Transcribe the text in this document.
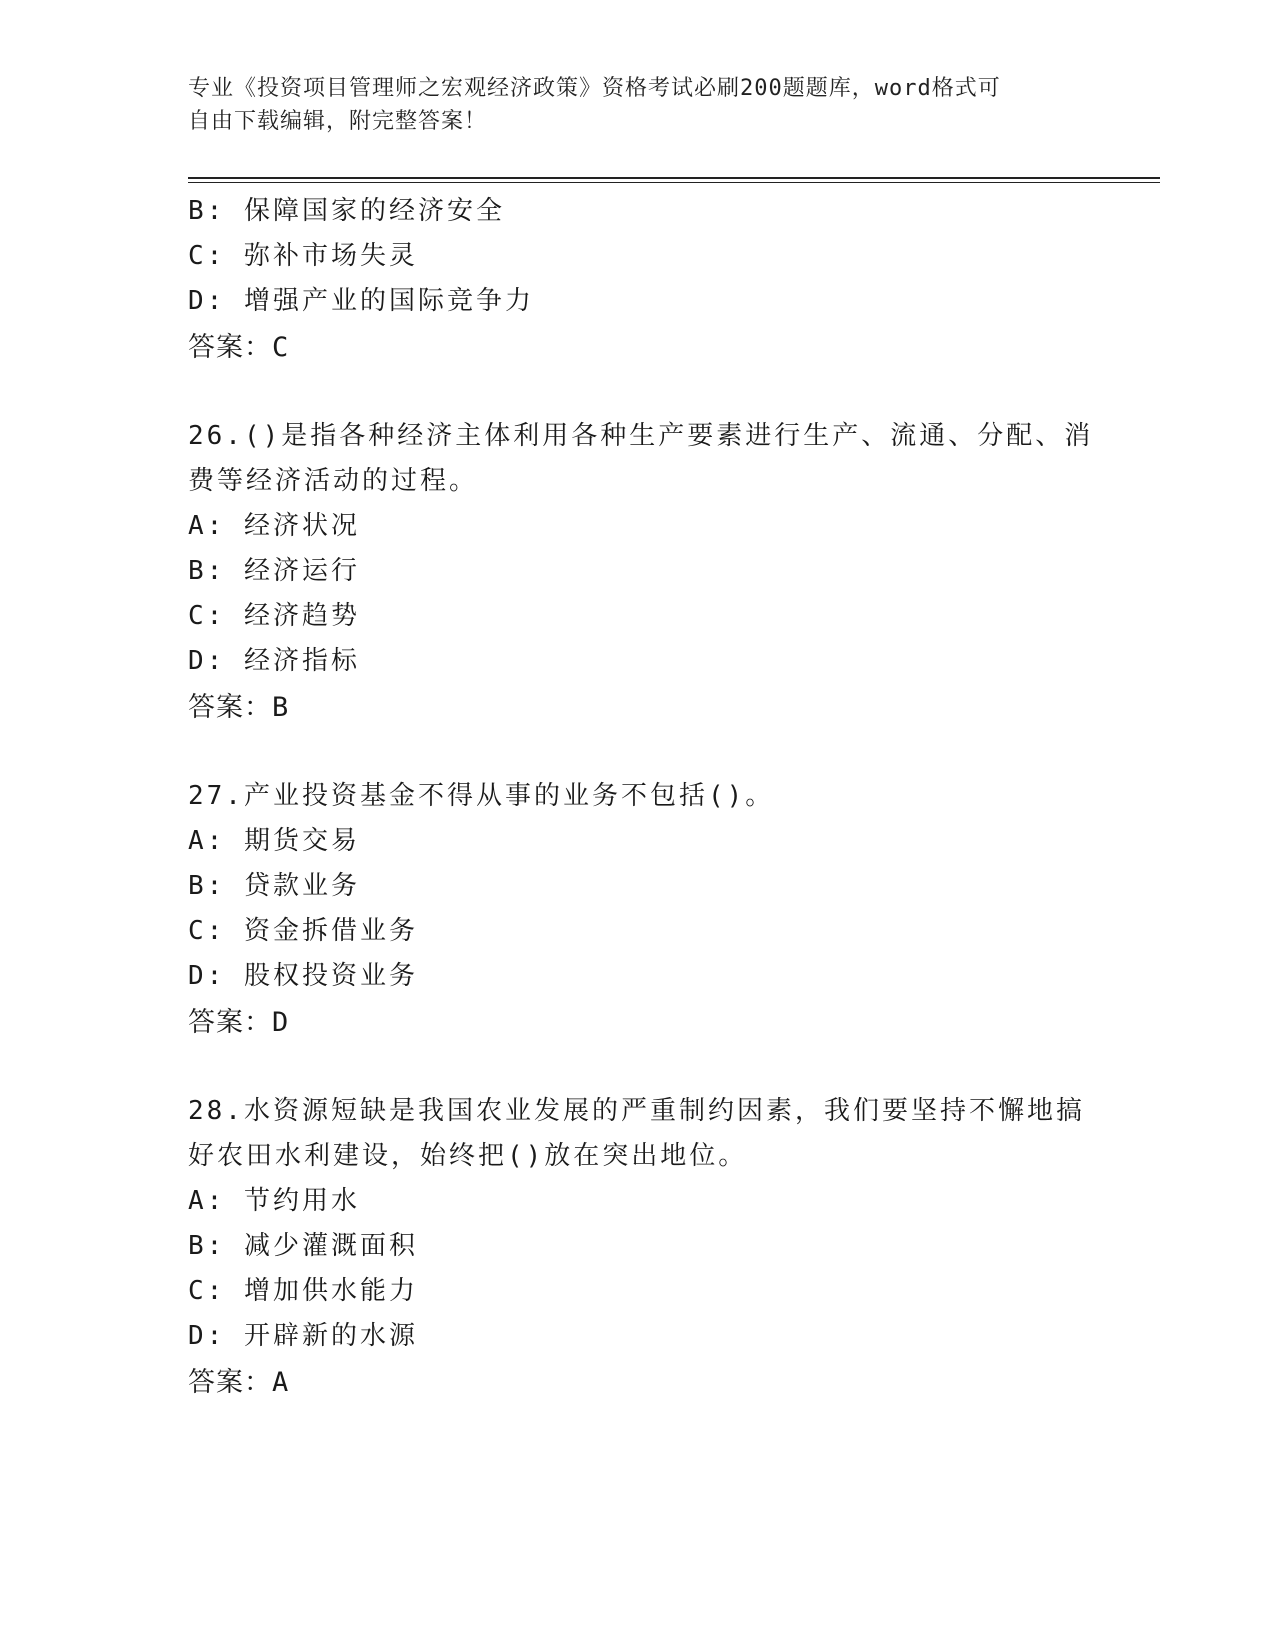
专业《投资项目管理师之宏观经济政策》资格考试必刷200题题库，word格式可
自由下载编辑，附完整答案！
B: 保障国家的经济安全
C: 弥补市场失灵
D: 增强产业的国际竞争力
答案：C
26.()是指各种经济主体利用各种生产要素进行生产、流通、分配、消
费等经济活动的过程。
A: 经济状况
B: 经济运行
C: 经济趋势
D: 经济指标
答案：B
27.产业投资基金不得从事的业务不包括()。
A: 期货交易
B: 贷款业务
C: 资金拆借业务
D: 股权投资业务
答案：D
28.水资源短缺是我国农业发展的严重制约因素，我们要坚持不懈地搞
好农田水利建设，始终把()放在突出地位。
A: 节约用水
B: 减少灌溉面积
C: 增加供水能力
D: 开辟新的水源
答案：A
